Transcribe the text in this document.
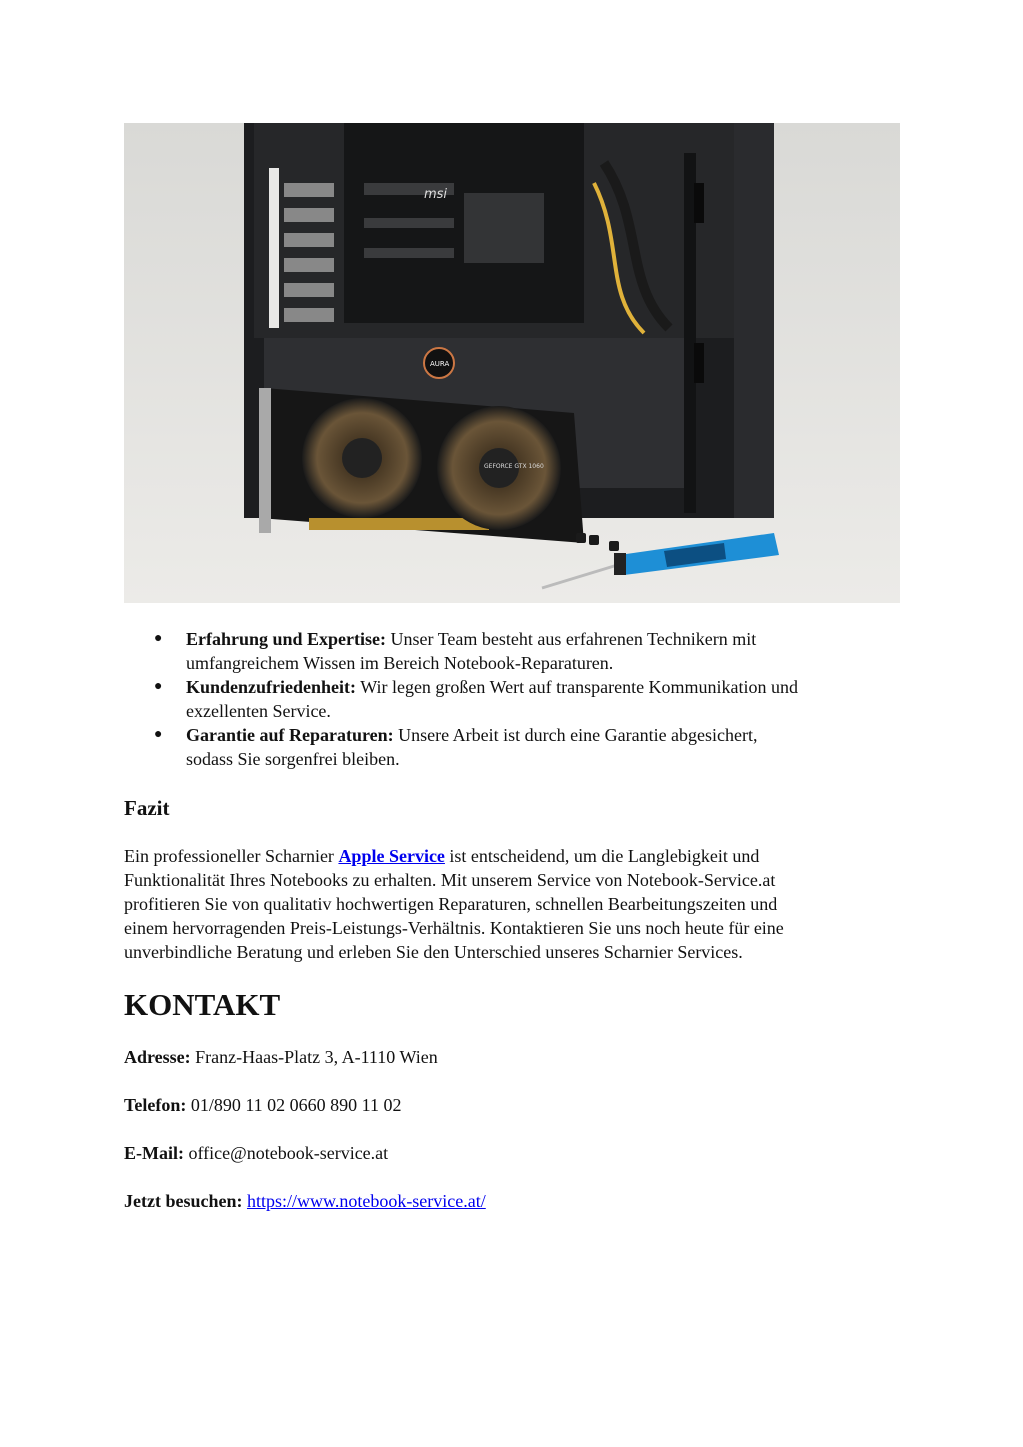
msi
AURA
GEFORCE GTX 1060
● Erfahrung und Expertise: Unser Team besteht aus erfahrenen Technikern mit
umfangreichem Wissen im Bereich Notebook-Reparaturen.
● Kundenzufriedenheit: Wir legen großen Wert auf transparente Kommunikation und
exzellenten Service.
● Garantie auf Reparaturen: Unsere Arbeit ist durch eine Garantie abgesichert,
sodass Sie sorgenfrei bleiben.
Fazit

Ein professioneller Scharnier Apple Service ist entscheidend, um die Langlebigkeit und
Funktionalität Ihres Notebooks zu erhalten. Mit unserem Service von Notebook-Service.at
profitieren Sie von qualitativ hochwertigen Reparaturen, schnellen Bearbeitungszeiten und
einem hervorragenden Preis-Leistungs-Verhältnis. Kontaktieren Sie uns noch heute für eine
unverbindliche Beratung und erleben Sie den Unterschied unseres Scharnier Services.

KONTAKT

Adresse: Franz-Haas-Platz 3, A-1110 Wien

Telefon: 01/890 11 02 0660 890 11 02

E-Mail: office@notebook-service.at

Jetzt besuchen: https://www.notebook-service.at/
